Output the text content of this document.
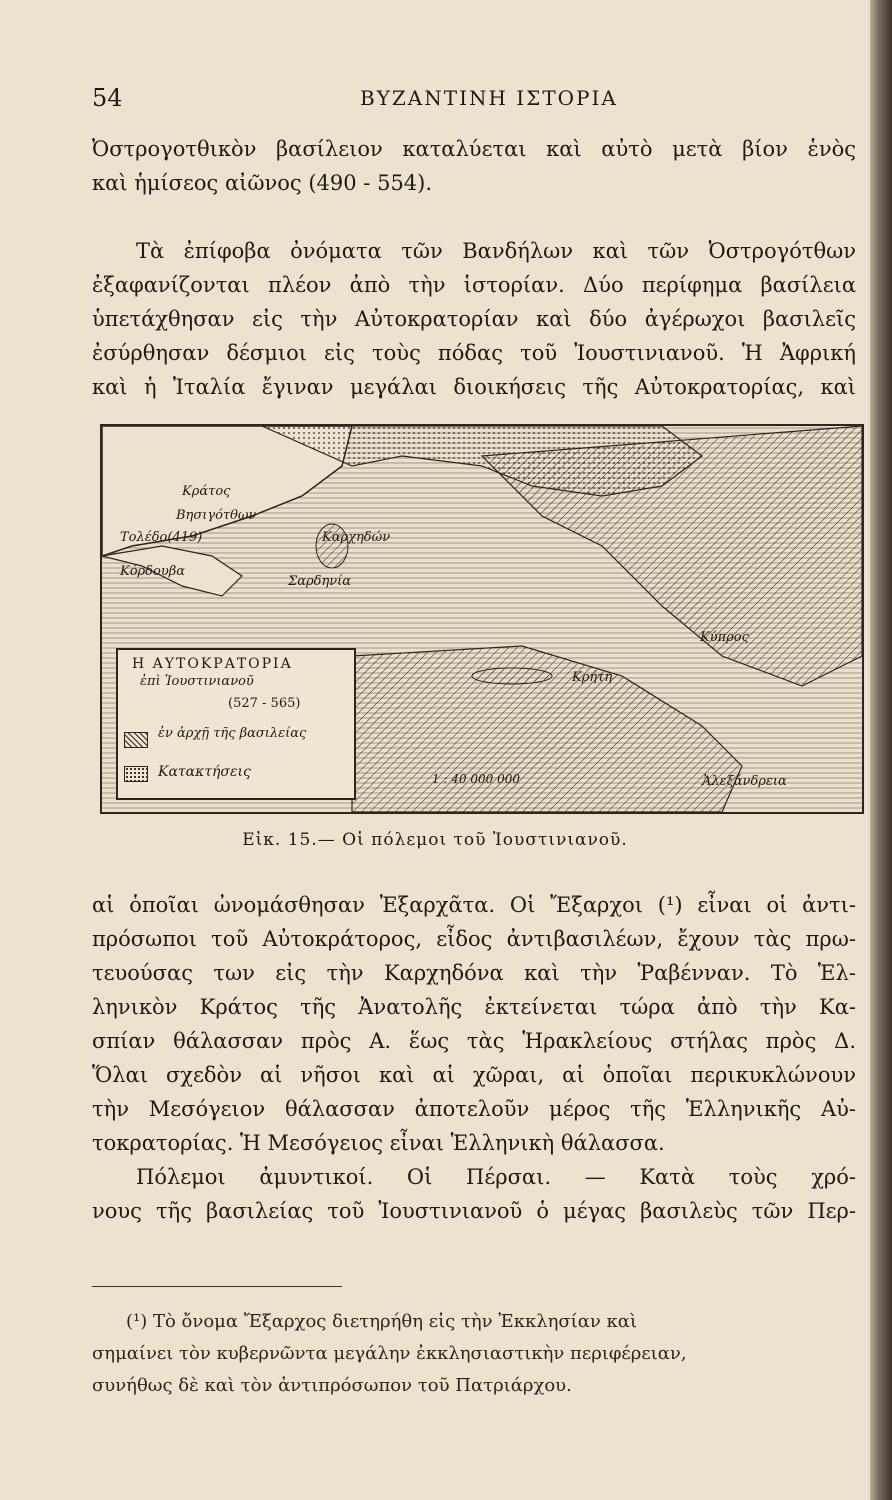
54	ΒΥΖΑΝΤΙΝΗ ΙΣΤΟΡΙΑ
Ὀστρογοτθικὸν βασίλειον καταλύεται καὶ αὐτὸ μετὰ βίον ἑνὸς
καὶ ἡμίσεος αἰῶνος (490 - 554).
Τὰ ἐπίφοβα ὀνόματα τῶν Βανδήλων καὶ τῶν Ὀστρογότθων
ἐξαφανίζονται πλέον ἀπὸ τὴν ἱστορίαν. Δύο περίφημα βασίλεια
ὑπετάχθησαν εἰς τὴν Αὐτοκρατορίαν καὶ δύο ἀγέρωχοι βασιλεῖς
ἐσύρθησαν δέσμιοι εἰς τοὺς πόδας τοῦ Ἰουστινιανοῦ. Ἡ Ἀφρική
καὶ ἡ Ἰταλία ἔγιναν μεγάλαι διοικήσεις τῆς Αὐτοκρατορίας, καὶ
Κράτος
Βησιγότθων
Τολέδο(419)
Κόρδουβα
Καρχηδών
Σαρδηνία
Κρήτη
Κύπρος
Ἀλεξάνδρεια
Η ΑΥΤΟΚΡΑΤΟΡΙΑ
ἐπὶ Ἰουστινιανοῦ
(527 - 565)
ἐν ἀρχῇ τῆς βασιλείας
Κατακτήσεις	1 : 40 000 000
Εἰκ. 15.— Οἱ πόλεμοι τοῦ Ἰουστινιανοῦ.
αἱ ὁποῖαι ὠνομάσθησαν Ἐξαρχᾶτα. Οἱ Ἔξαρχοι (¹) εἶναι οἱ ἀντι-
πρόσωποι τοῦ Αὐτοκράτορος, εἶδος ἀντιβασιλέων, ἔχουν τὰς πρω-
τευούσας των εἰς τὴν Καρχηδόνα καὶ τὴν Ῥαβένναν. Τὸ Ἑλ-
ληνικὸν Κράτος τῆς Ἀνατολῆς ἐκτείνεται τώρα ἀπὸ τὴν Κα-
σπίαν θάλασσαν πρὸς Α. ἕως τὰς Ἡρακλείους στήλας πρὸς Δ.
Ὅλαι σχεδὸν αἱ νῆσοι καὶ αἱ χῶραι, αἱ ὁποῖαι περικυκλώνουν
τὴν Μεσόγειον θάλασσαν ἀποτελοῦν μέρος τῆς Ἑλληνικῆς Αὐ-
τοκρατορίας. Ἡ Μεσόγειος εἶναι Ἑλληνικὴ θάλασσα.
Πόλεμοι ἀμυντικοί. Οἱ Πέρσαι. — Κατὰ τοὺς χρό-
νους τῆς βασιλείας τοῦ Ἰουστινιανοῦ ὁ μέγας βασιλεὺς τῶν Περ-
(¹) Τὸ ὄνομα Ἔξαρχος διετηρήθη εἰς τὴν Ἐκκλησίαν καὶ
σημαίνει τὸν κυβερνῶντα μεγάλην ἐκκλησιαστικὴν περιφέρειαν,
συνήθως δὲ καὶ τὸν ἀντιπρόσωπον τοῦ Πατριάρχου.
